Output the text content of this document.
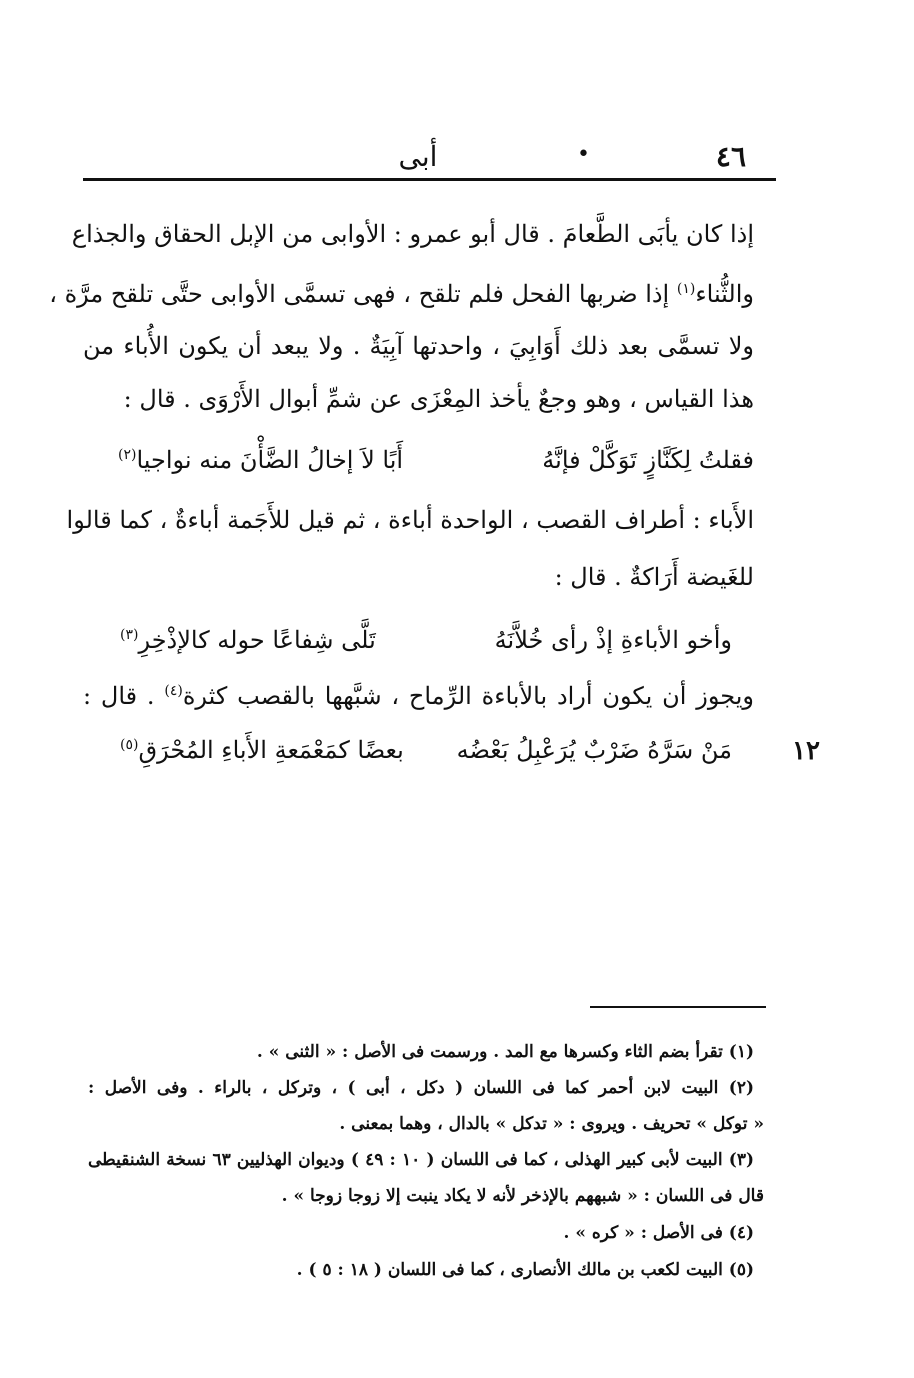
٤٦
•
أبى
إذا كان يأبَى الطَّعامَ . قال أبو عمرو : الأوابى من الإبل الحقاق والجذاع
والثُّناء$^{(١)}$ إذا ضربها الفحل فلم تلقح ، فهى تسمَّى الأوابى حتَّى تلقح مرَّة ،
ولا تسمَّى بعد ذلك أَوَابِيَ ، واحدتها آبِيَةٌ . ولا يبعد أن يكون الأُباء من
هذا القياس ، وهو وجعٌ يأخذ المِعْزَى عن شمِّ أبوال الأَرْوَى . قال :
فقلتُ لِكَنَّازٍ تَوَكَّلْ فإنَّهُ
أَبًا لاَ إخالُ الضَّأْنَ منه نواجيا$^{(٢)}$
الأَباء : أطراف القصب ، الواحدة أباءة ، ثم قيل للأَجَمة أباءةٌ ، كما قالوا
للغَيضة أَرَاكةٌ . قال :
وأخو الأباءةِ إذْ رأى خُلاَّنَهُ
تَلَّى شِفاعًا حوله كالإذْخِرِ$^{(٣)}$
ويجوز أن يكون أراد بالأباءة الرِّماح ، شبَّهها بالقصب كثرة$^{(٤)}$ . قال :
مَنْ سَرَّهُ ضَرْبٌ يُرَعْبِلُ بَعْضُه
بعضًا كمَعْمَعةِ الأَباءِ المُحْرَقِ$^{(٥)}$	١٢
(١) تقرأ بضم الثاء وكسرها مع المد . ورسمت فى الأصل : « الثنى » .
(٢) البيت لابن أحمر كما فى اللسان ( دكل ، أبى ) ، وتركل ، بالراء . وفى الأصل :
« توكل » تحريف . ويروى : « تدكل » بالدال ، وهما بمعنى .
(٣) البيت لأبى كبير الهذلى ، كما فى اللسان ( ١٠ : ٤٩ ) وديوان الهذليين ٦٣ نسخة الشنقيطى
قال فى اللسان : « شبههم بالإذخر لأنه لا يكاد ينبت إلا زوجا زوجا » .
(٤) فى الأصل : « كره » .
(٥) البيت لكعب بن مالك الأنصارى ، كما فى اللسان ( ١٨ : ٥ ) .
